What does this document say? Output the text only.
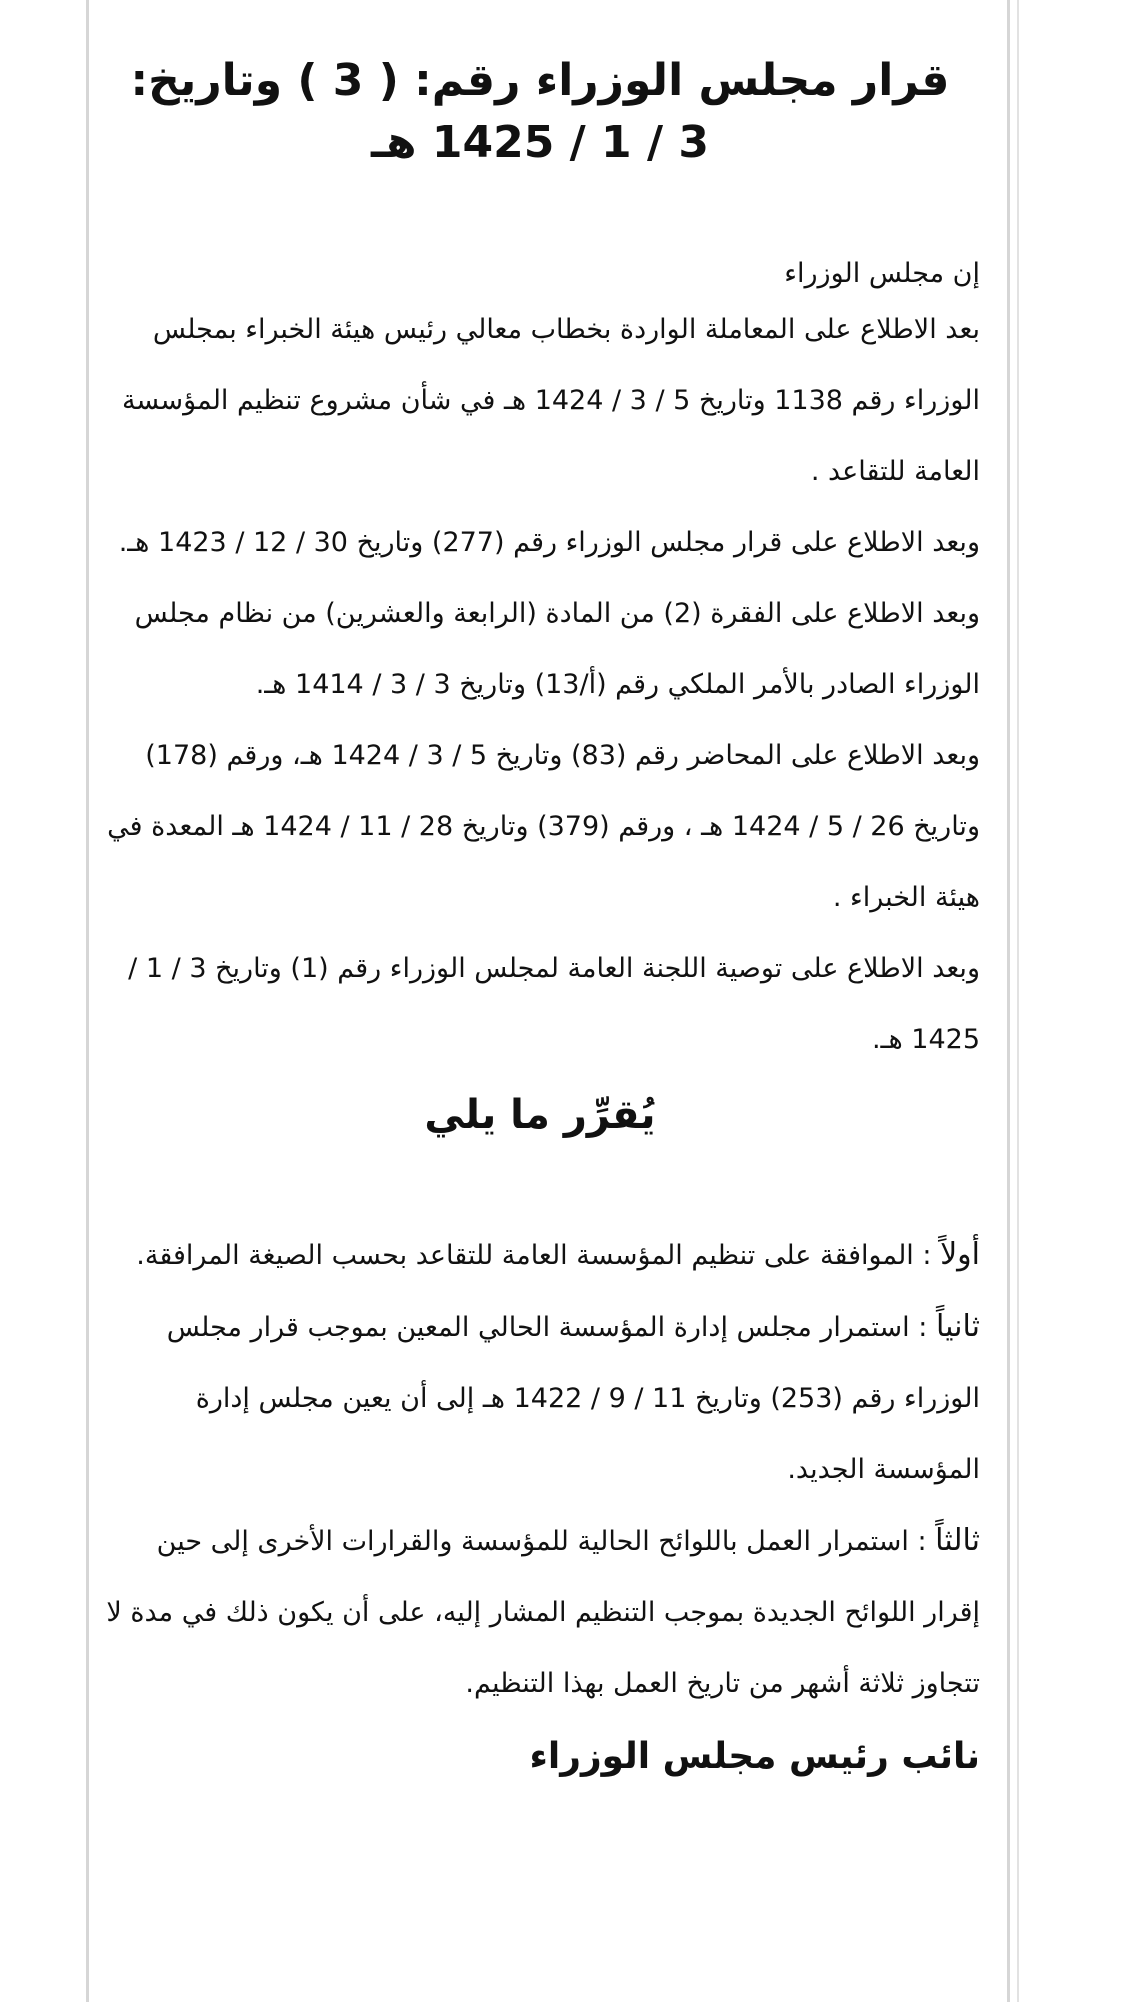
قرار مجلس الوزراء رقم: ( 3 ) وتاريخ: 3 / 1 / 1425 هـ
إن مجلس الوزراء

بعد الاطلاع على المعاملة الواردة بخطاب معالي رئيس هيئة الخبراء بمجلس الوزراء رقم 1138 وتاريخ 5 / 3 / 1424 هـ في شأن مشروع تنظيم المؤسسة العامة للتقاعد .

وبعد الاطلاع على قرار مجلس الوزراء رقم (277) وتاريخ 30 / 12 / 1423 هـ.

وبعد الاطلاع على الفقرة (2) من المادة (الرابعة والعشرين) من نظام مجلس الوزراء الصادر بالأمر الملكي رقم (أ/13) وتاريخ 3 / 3 / 1414 هـ.

وبعد الاطلاع على المحاضر رقم (83) وتاريخ 5 / 3 / 1424 هـ، ورقم (178) وتاريخ 26 / 5 / 1424 هـ ، ورقم (379) وتاريخ 28 / 11 / 1424 هـ المعدة في هيئة الخبراء .

وبعد الاطلاع على توصية اللجنة العامة لمجلس الوزراء رقم (1) وتاريخ 3 / 1 / 1425 هـ.

يُقرِّر ما يلي

أولاً : الموافقة على تنظيم المؤسسة العامة للتقاعد بحسب الصيغة المرافقة.

ثانياً : استمرار مجلس إدارة المؤسسة الحالي المعين بموجب قرار مجلس الوزراء رقم (253) وتاريخ 11 / 9 / 1422 هـ إلى أن يعين مجلس إدارة المؤسسة الجديد.

ثالثاً : استمرار العمل باللوائح الحالية للمؤسسة والقرارات الأخرى إلى حين إقرار اللوائح الجديدة بموجب التنظيم المشار إليه، على أن يكون ذلك في مدة لا تتجاوز ثلاثة أشهر من تاريخ العمل بهذا التنظيم.

نائب رئيس مجلس الوزراء
